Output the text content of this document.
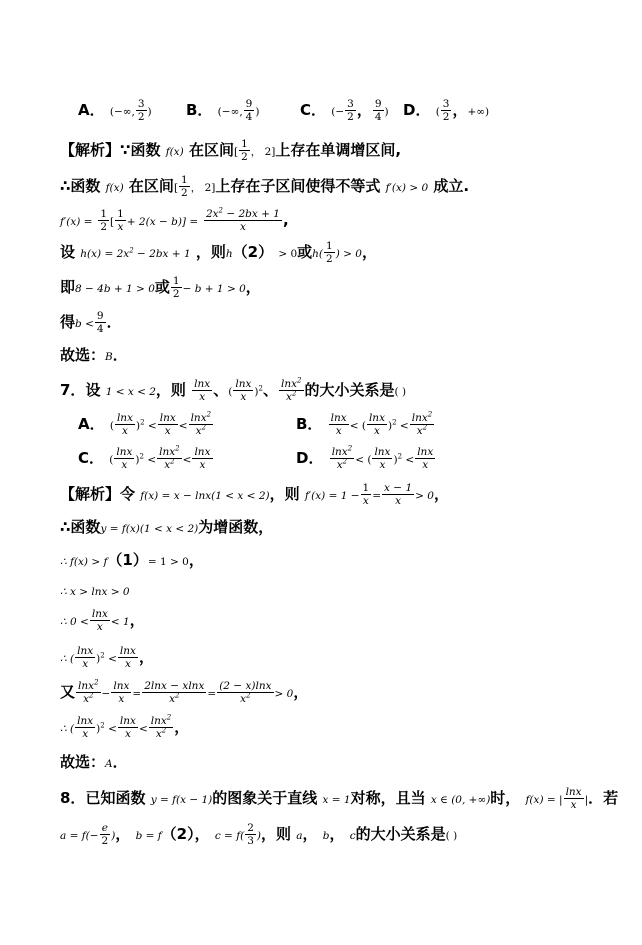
A． (−∞, $\frac{3}{2}$ ) B． (−∞, $\frac{9}{4}$ )	C． (− $\frac{3}{2}$ ， $\frac{9}{4}$ ) D． ( $\frac{3}{2}$ ，+∞)
【解析】∵函数 f(x) 在区间[ $\frac{1}{2}$ ， 2]上存在单调增区间,
∴函数 f(x) 在区间[ $\frac{1}{2}$ ， 2]上存在子区间使得不等式 f′(x) > 0 成立.
$f'(x) = \frac{1}{2}$ [ $\frac{1}{x} + 2(x - b)] = \frac{2x^2 - 2bx + 1}{x}$ ,
设 $h(x) = 2x^2 - 2bx + 1$ ，则h（2） > 0或$h( \frac{1}{2}$ ) > 0，
即8 − 4b + 1 > 0或 $\frac{1}{2} - b + 1 > 0$，
得$b < \frac{9}{4}$ ．
故选：B．
7．设 1 < x < 2，则 $\frac{\ln x}{x}$ 、( $\frac{\ln x}{x} )^2$、 $\frac{\ln x^2}{x^2}$ 的大小关系是( )
A． ( $\frac{\ln x}{x} )^2 < \frac{\ln x}{x} < \frac{\ln x^2}{x^2}$	B． $\frac{\ln x}{x}$ < ( $\frac{\ln x}{x} )^2 < \frac{\ln x^2}{x^2}$
C． ( $\frac{\ln x}{x} )^2 < \frac{\ln x^2}{x^2} < \frac{\ln x}{x}$	D． $\frac{\ln x^2}{x^2}$ < ( $\frac{\ln x}{x} )^2 < \frac{\ln x}{x}$
【解析】令 f(x) = x − lnx(1 < x < 2)，则 $f'(x) = 1 - \frac{1}{x} = \frac{x - 1}{x} > 0$，
∴函数y = f(x)(1 < x < 2)为增函数，
∴ f(x) > f（1）= 1 > 0，
∴ x > lnx > 0
∴ $0 < \frac{\ln x}{x} < 1$，
∴ ( $\frac{\ln x}{x} )^2 < \frac{\ln x}{x}$ ，
又 $\frac{\ln x^2}{x^2} - \frac{\ln x}{x} = \frac{2\ln x - xlnx}{x^2} = \frac{(2 - x)\ln x}{x^2} > 0$，
∴ ( $\frac{\ln x}{x} )^2 < \frac{\ln x}{x} < \frac{\ln x^2}{x^2}$ ，
故选：A．
8．已知函数 y = f(x − 1)的图象关于直线 x = 1对称，且当 x ∈ (0, +∞)时， f(x) = | $\frac{\ln x}{x}$ |．若
$a = f(- \frac{e}{2}$ )， b = f（2）， $c = f( \frac{2}{3}$ )，则 a， b， c的大小关系是( )
